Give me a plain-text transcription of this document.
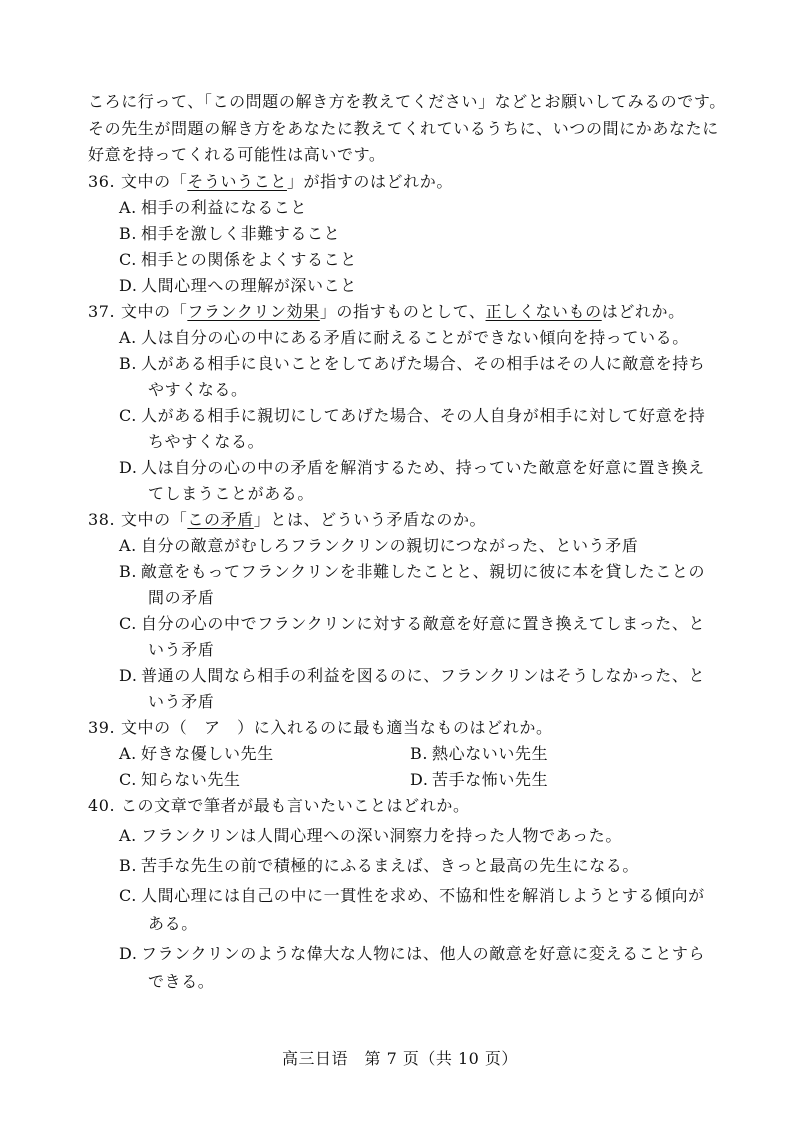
ころに行って、「この問題の解き方を教えてください」などとお願いしてみるのです。
その先生が問題の解き方をあなたに教えてくれているうちに、いつの間にかあなたに
好意を持ってくれる可能性は高いです。
36. 文中の「そういうこと」が指すのはどれか。
A. 相手の利益になること
B. 相手を激しく非難すること
C. 相手との関係をよくすること
D. 人間心理への理解が深いこと
37. 文中の「フランクリン効果」の指すものとして、正しくないものはどれか。
A. 人は自分の心の中にある矛盾に耐えることができない傾向を持っている。
B. 人がある相手に良いことをしてあげた場合、その相手はその人に敵意を持ち
やすくなる。
C. 人がある相手に親切にしてあげた場合、その人自身が相手に対して好意を持
ちやすくなる。
D. 人は自分の心の中の矛盾を解消するため、持っていた敵意を好意に置き換え
てしまうことがある。
38. 文中の「この矛盾」とは、どういう矛盾なのか。
A. 自分の敵意がむしろフランクリンの親切につながった、という矛盾
B. 敵意をもってフランクリンを非難したことと、親切に彼に本を貸したことの
間の矛盾
C. 自分の心の中でフランクリンに対する敵意を好意に置き換えてしまった、と
いう矛盾
D. 普通の人間なら相手の利益を図るのに、フランクリンはそうしなかった、と
いう矛盾
39. 文中の（　ア　）に入れるのに最も適当なものはどれか。
A. 好きな優しい先生	B. 熱心ないい先生
C. 知らない先生	D. 苦手な怖い先生
40. この文章で筆者が最も言いたいことはどれか。
A. フランクリンは人間心理への深い洞察力を持った人物であった。
B. 苦手な先生の前で積極的にふるまえば、きっと最高の先生になる。
C. 人間心理には自己の中に一貫性を求め、不協和性を解消しようとする傾向が
ある。
D. フランクリンのような偉大な人物には、他人の敵意を好意に変えることすら
できる。
高三日语　第 7 页（共 10 页）
